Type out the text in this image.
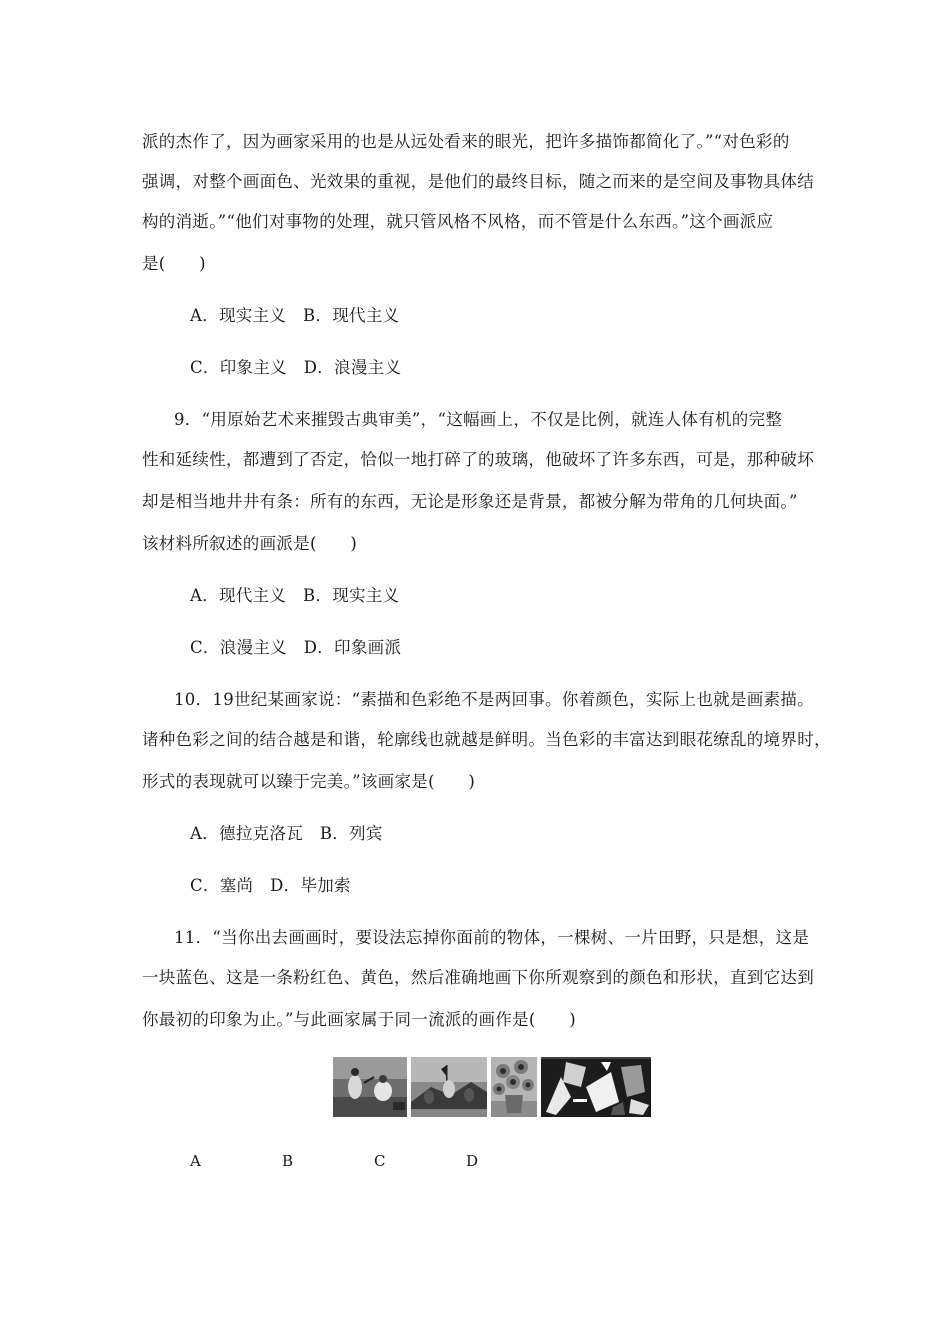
派的杰作了，因为画家采用的也是从远处看来的眼光，把许多描饰都简化了。”“对色彩的
强调，对整个画面色、光效果的重视，是他们的最终目标，随之而来的是空间及事物具体结
构的消逝。”“他们对事物的处理，就只管风格不风格，而不管是什么东西。”这个画派应
是(　　)
A．现实主义　B．现代主义
C．印象主义　D．浪漫主义
9．“用原始艺术来摧毁古典审美”，“这幅画上，不仅是比例，就连人体有机的完整
性和延续性，都遭到了否定，恰似一地打碎了的玻璃，他破坏了许多东西，可是，那种破坏
却是相当地井井有条：所有的东西，无论是形象还是背景，都被分解为带角的几何块面。”
该材料所叙述的画派是(　　)
A．现代主义　B．现实主义
C．浪漫主义　D．印象画派
10．19世纪某画家说：“素描和色彩绝不是两回事。你着颜色，实际上也就是画素描。
诸种色彩之间的结合越是和谐，轮廓线也就越是鲜明。当色彩的丰富达到眼花缭乱的境界时，
形式的表现就可以臻于完美。”该画家是(　　)
A．德拉克洛瓦　B．列宾
C．塞尚　D．毕加索
11．“当你出去画画时，要设法忘掉你面前的物体，一棵树、一片田野，只是想，这是
一块蓝色、这是一条粉红色、黄色，然后准确地画下你所观察到的颜色和形状，直到它达到
你最初的印象为止。”与此画家属于同一流派的画作是(　　)
A	B	C	D
